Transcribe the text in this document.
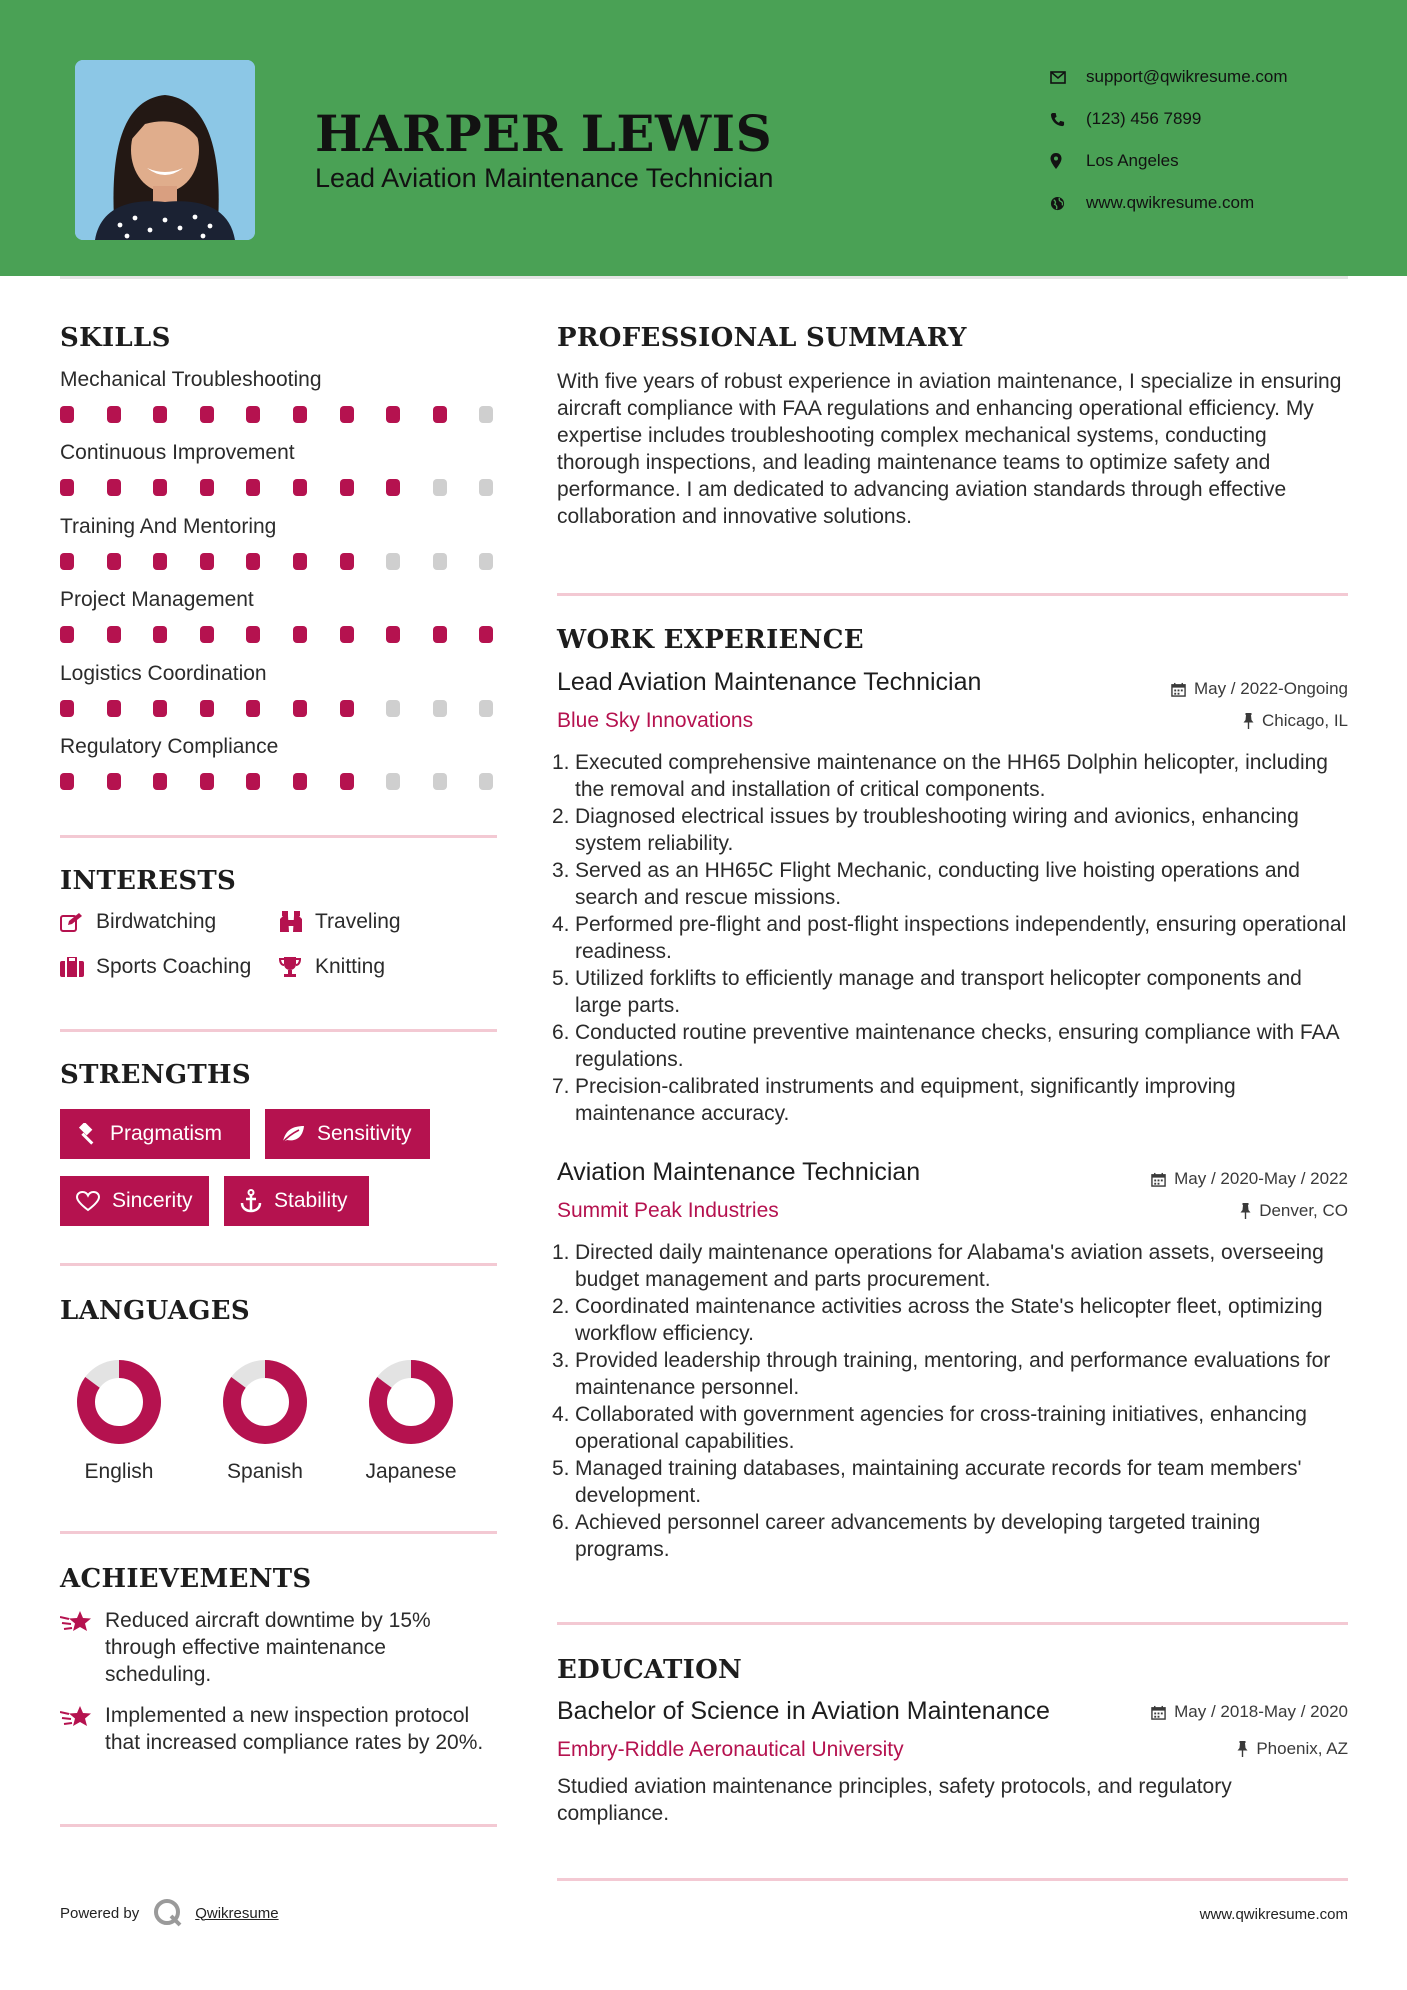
HARPER LEWIS
Lead Aviation Maintenance Technician
support@qwikresume.com
(123) 456 7899
Los Angeles
www.qwikresume.com
SKILLS
Mechanical Troubleshooting
Continuous Improvement
Training And Mentoring
Project Management
Logistics Coordination
Regulatory Compliance
INTERESTS
Birdwatching	Traveling
Sports Coaching	Knitting
STRENGTHS
Pragmatism	Sensitivity
Sincerity	Stability
LANGUAGES
English	Spanish	Japanese
ACHIEVEMENTS
Reduced aircraft downtime by 15% through effective maintenance scheduling.
Implemented a new inspection protocol that increased compliance rates by 20%.
PROFESSIONAL SUMMARY
With five years of robust experience in aviation maintenance, I specialize in ensuring aircraft compliance with FAA regulations and enhancing operational efficiency. My expertise includes troubleshooting complex mechanical systems, conducting thorough inspections, and leading maintenance teams to optimize safety and performance. I am dedicated to advancing aviation standards through effective collaboration and innovative solutions.
WORK EXPERIENCE
Lead Aviation Maintenance Technician	May / 2022-Ongoing
Blue Sky Innovations	Chicago, IL
1. Executed comprehensive maintenance on the HH65 Dolphin helicopter, including the removal and installation of critical components.
2. Diagnosed electrical issues by troubleshooting wiring and avionics, enhancing system reliability.
3. Served as an HH65C Flight Mechanic, conducting live hoisting operations and search and rescue missions.
4. Performed pre-flight and post-flight inspections independently, ensuring operational readiness.
5. Utilized forklifts to efficiently manage and transport helicopter components and large parts.
6. Conducted routine preventive maintenance checks, ensuring compliance with FAA regulations.
7. Precision-calibrated instruments and equipment, significantly improving maintenance accuracy.
Aviation Maintenance Technician	May / 2020-May / 2022
Summit Peak Industries	Denver, CO
1. Directed daily maintenance operations for Alabama's aviation assets, overseeing budget management and parts procurement.
2. Coordinated maintenance activities across the State's helicopter fleet, optimizing workflow efficiency.
3. Provided leadership through training, mentoring, and performance evaluations for maintenance personnel.
4. Collaborated with government agencies for cross-training initiatives, enhancing operational capabilities.
5. Managed training databases, maintaining accurate records for team members' development.
6. Achieved personnel career advancements by developing targeted training programs.
EDUCATION
Bachelor of Science in Aviation Maintenance	May / 2018-May / 2020
Embry-Riddle Aeronautical University	Phoenix, AZ
Studied aviation maintenance principles, safety protocols, and regulatory compliance.
Powered by	Qwikresume	www.qwikresume.com
